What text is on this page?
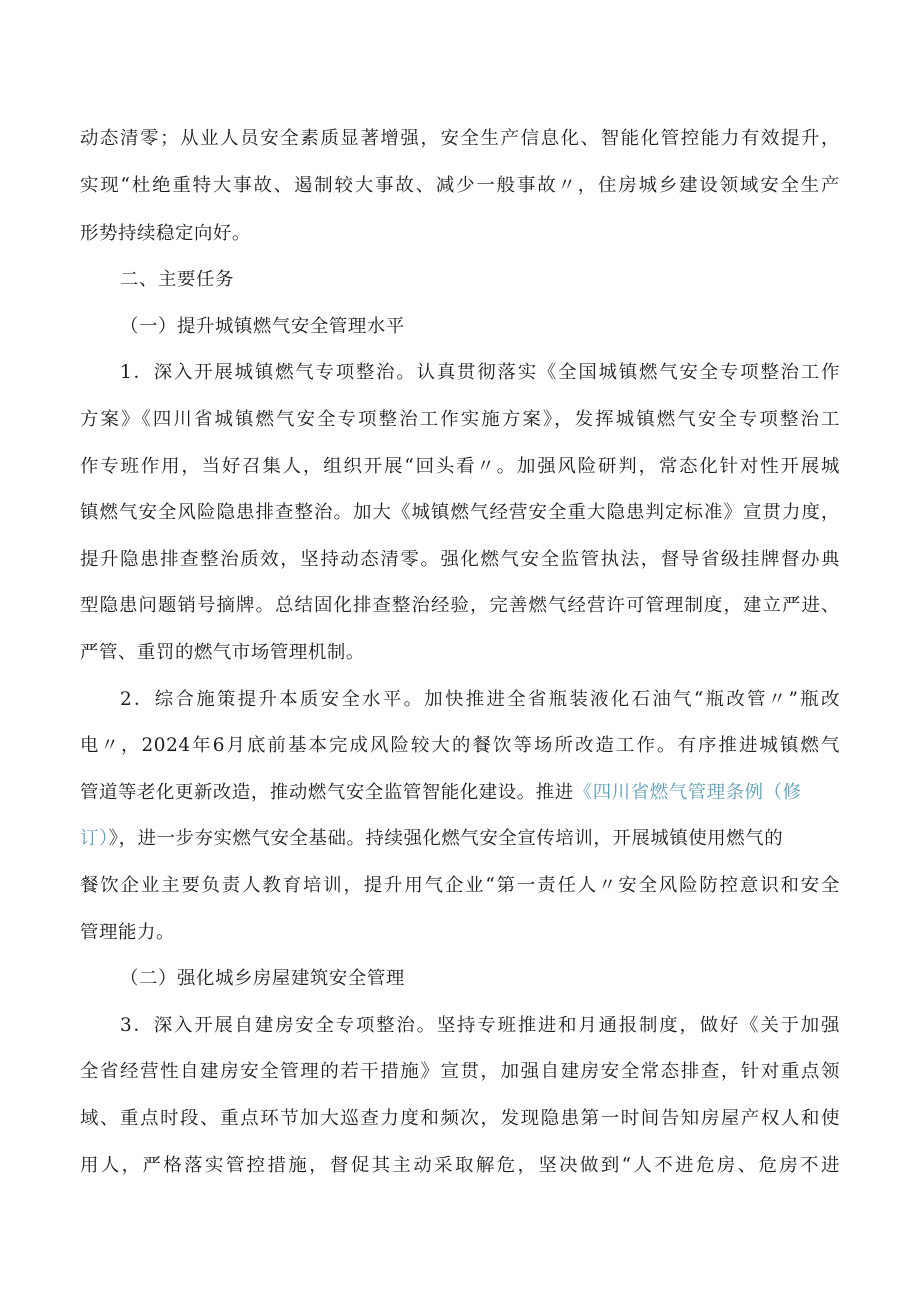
动态清零；从业人员安全素质显著增强，安全生产信息化、智能化管控能力有效提升，
实现“杜绝重特大事故、遏制较大事故、减少一般事故〃，住房城乡建设领域安全生产
形势持续稳定向好。
二、主要任务
（一）提升城镇燃气安全管理水平
1．深入开展城镇燃气专项整治。认真贯彻落实《全国城镇燃气安全专项整治工作
方案》《四川省城镇燃气安全专项整治工作实施方案》，发挥城镇燃气安全专项整治工
作专班作用，当好召集人，组织开展“回头看〃。加强风险研判，常态化针对性开展城
镇燃气安全风险隐患排查整治。加大《城镇燃气经营安全重大隐患判定标准》宣贯力度，
提升隐患排查整治质效，坚持动态清零。强化燃气安全监管执法，督导省级挂牌督办典
型隐患问题销号摘牌。总结固化排查整治经验，完善燃气经营许可管理制度，建立严进、
严管、重罚的燃气市场管理机制。
2．综合施策提升本质安全水平。加快推进全省瓶装液化石油气“瓶改管〃”瓶改
电〃，2024年6月底前基本完成风险较大的餐饮等场所改造工作。有序推进城镇燃气
管道等老化更新改造，推动燃气安全监管智能化建设。推进《四川省燃气管理条例（修
订）》，进一步夯实燃气安全基础。持续强化燃气安全宣传培训，开展城镇使用燃气的
餐饮企业主要负责人教育培训，提升用气企业“第一责任人〃安全风险防控意识和安全
管理能力。
（二）强化城乡房屋建筑安全管理
3．深入开展自建房安全专项整治。坚持专班推进和月通报制度，做好《关于加强
全省经营性自建房安全管理的若干措施》宣贯，加强自建房安全常态排查，针对重点领
域、重点时段、重点环节加大巡查力度和频次，发现隐患第一时间告知房屋产权人和使
用人，严格落实管控措施，督促其主动采取解危，坚决做到“人不进危房、危房不进
